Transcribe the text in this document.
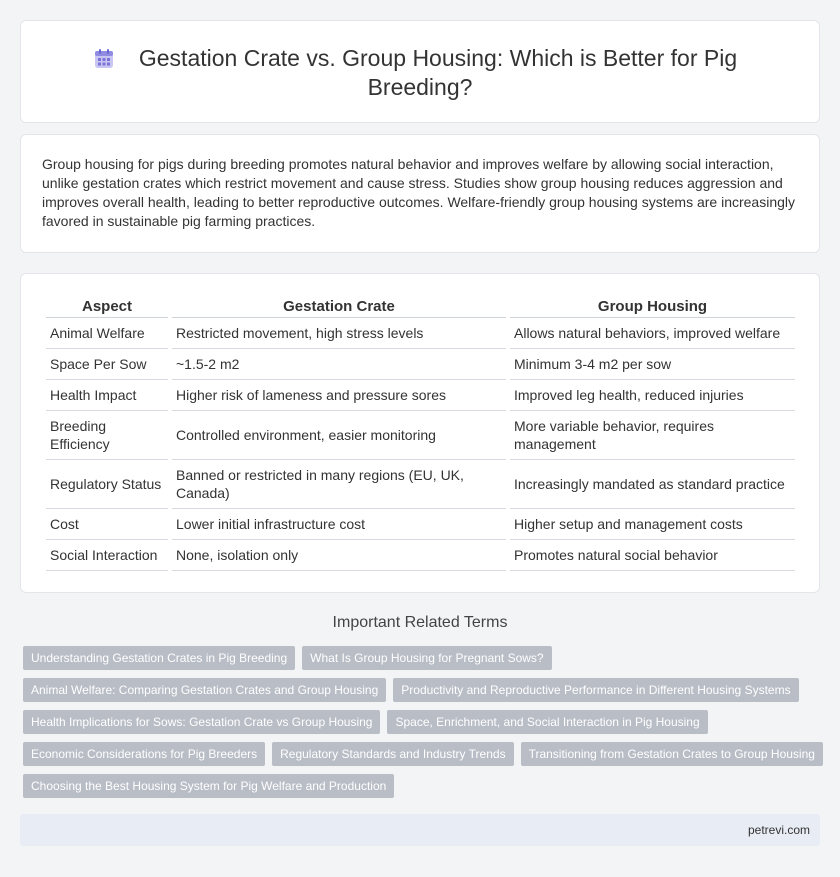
Gestation Crate vs. Group Housing: Which is Better for Pig Breeding?

Group housing for pigs during breeding promotes natural behavior and improves welfare by allowing social interaction, unlike gestation crates which restrict movement and cause stress. Studies show group housing reduces aggression and improves overall health, leading to better reproductive outcomes. Welfare-friendly group housing systems are increasingly favored in sustainable pig farming practices.

Aspect	Gestation Crate	Group Housing
Animal Welfare	Restricted movement, high stress levels	Allows natural behaviors, improved welfare
Space Per Sow	~1.5-2 m2	Minimum 3-4 m2 per sow
Health Impact	Higher risk of lameness and pressure sores	Improved leg health, reduced injuries
Breeding Efficiency	Controlled environment, easier monitoring	More variable behavior, requires management
Regulatory Status	Banned or restricted in many regions (EU, UK, Canada)	Increasingly mandated as standard practice
Cost	Lower initial infrastructure cost	Higher setup and management costs
Social Interaction	None, isolation only	Promotes natural social behavior
Important Related Terms
Understanding Gestation Crates in Pig Breeding	What Is Group Housing for Pregnant Sows?
Animal Welfare: Comparing Gestation Crates and Group Housing	Productivity and Reproductive Performance in Different Housing Systems
Health Implications for Sows: Gestation Crate vs Group Housing	Space, Enrichment, and Social Interaction in Pig Housing
Economic Considerations for Pig Breeders	Regulatory Standards and Industry Trends	Transitioning from Gestation Crates to Group Housing
Choosing the Best Housing System for Pig Welfare and Production
petrevi.com
